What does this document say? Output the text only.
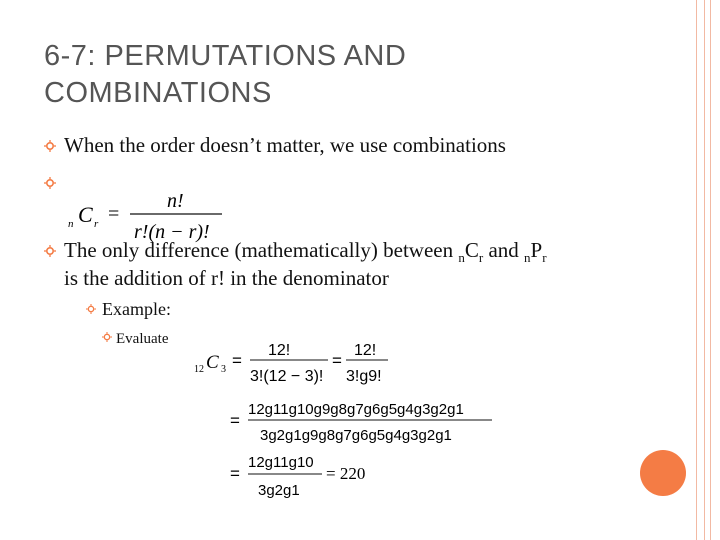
6-7: PERMUTATIONS AND COMBINATIONS
When the order doesn’t matter, we use combinations
n C r =
n!
r!(n − r)!
The only difference (mathematically) between $_nC_r$ and $_nP_r$
is the addition of r! in the denominator
Example:
Evaluate
12 C 3 =
12!
3!(12 − 3)!
=
12!
3!g9!
=
12g11g10g9g8g7g6g5g4g3g2g1
3g2g1g9g8g7g6g5g4g3g2g1
=
12g11g10
3g2g1
= 220
